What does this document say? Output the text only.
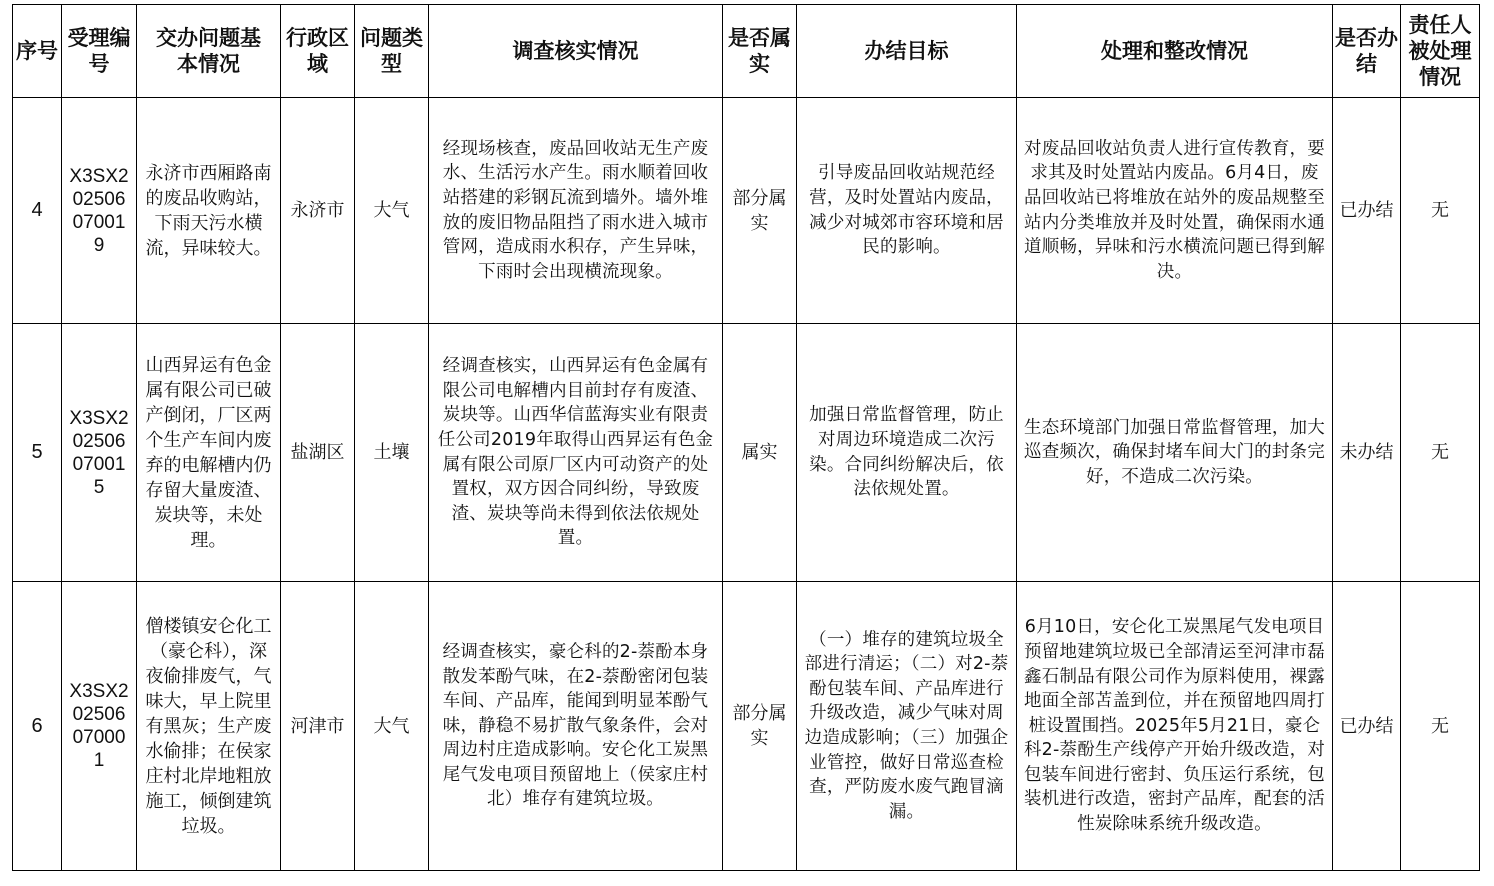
序号	受理编号	交办问题基本情况	行政区域	问题类型	调查核实情况	是否属实	办结目标	处理和整改情况	是否办结	责任人被处理情况
4	X3SX202506070019	永济市西厢路南的废品收购站，下雨天污水横流，异味较大。	永济市	大气	经现场核查，废品回收站无生产废水、生活污水产生。雨水顺着回收站搭建的彩钢瓦流到墙外。墙外堆放的废旧物品阻挡了雨水进入城市管网，造成雨水积存，产生异味，下雨时会出现横流现象。	部分属实	引导废品回收站规范经营，及时处置站内废品，减少对城郊市容环境和居民的影响。	对废品回收站负责人进行宣传教育，要求其及时处置站内废品。6月4日，废品回收站已将堆放在站外的废品规整至站内分类堆放并及时处置，确保雨水通道顺畅，异味和污水横流问题已得到解决。	已办结	无
5	X3SX202506070015	山西昇运有色金属有限公司已破产倒闭，厂区两个生产车间内废弃的电解槽内仍存留大量废渣、炭块等，未处理。	盐湖区	土壤	经调查核实，山西昇运有色金属有限公司电解槽内目前封存有废渣、炭块等。山西华信蓝海实业有限责任公司2019年取得山西昇运有色金属有限公司原厂区内可动资产的处置权，双方因合同纠纷，导致废渣、炭块等尚未得到依法依规处置。	属实	加强日常监督管理，防止对周边环境造成二次污染。合同纠纷解决后，依法依规处置。	生态环境部门加强日常监督管理，加大巡查频次，确保封堵车间大门的封条完好，不造成二次污染。	未办结	无
6	X3SX202506070001	僧楼镇安仑化工（豪仑科），深夜偷排废气，气味大，早上院里有黑灰；生产废水偷排；在侯家庄村北岸地粗放施工，倾倒建筑垃圾。	河津市	大气	经调查核实，豪仑科的2-萘酚本身散发苯酚气味，在2-萘酚密闭包装车间、产品库，能闻到明显苯酚气味，静稳不易扩散气象条件，会对周边村庄造成影响。安仑化工炭黑尾气发电项目预留地上（侯家庄村北）堆存有建筑垃圾。	部分属实	（一）堆存的建筑垃圾全部进行清运；（二）对2-萘酚包装车间、产品库进行升级改造，减少气味对周边造成影响；（三）加强企业管控，做好日常巡查检查，严防废水废气跑冒滴漏。	6月10日，安仑化工炭黑尾气发电项目预留地建筑垃圾已全部清运至河津市磊鑫石制品有限公司作为原料使用，裸露地面全部苫盖到位，并在预留地四周打桩设置围挡。2025年5月21日，豪仑科2-萘酚生产线停产开始升级改造，对包装车间进行密封、负压运行系统，包装机进行改造，密封产品库，配套的活性炭除味系统升级改造。	已办结	无
